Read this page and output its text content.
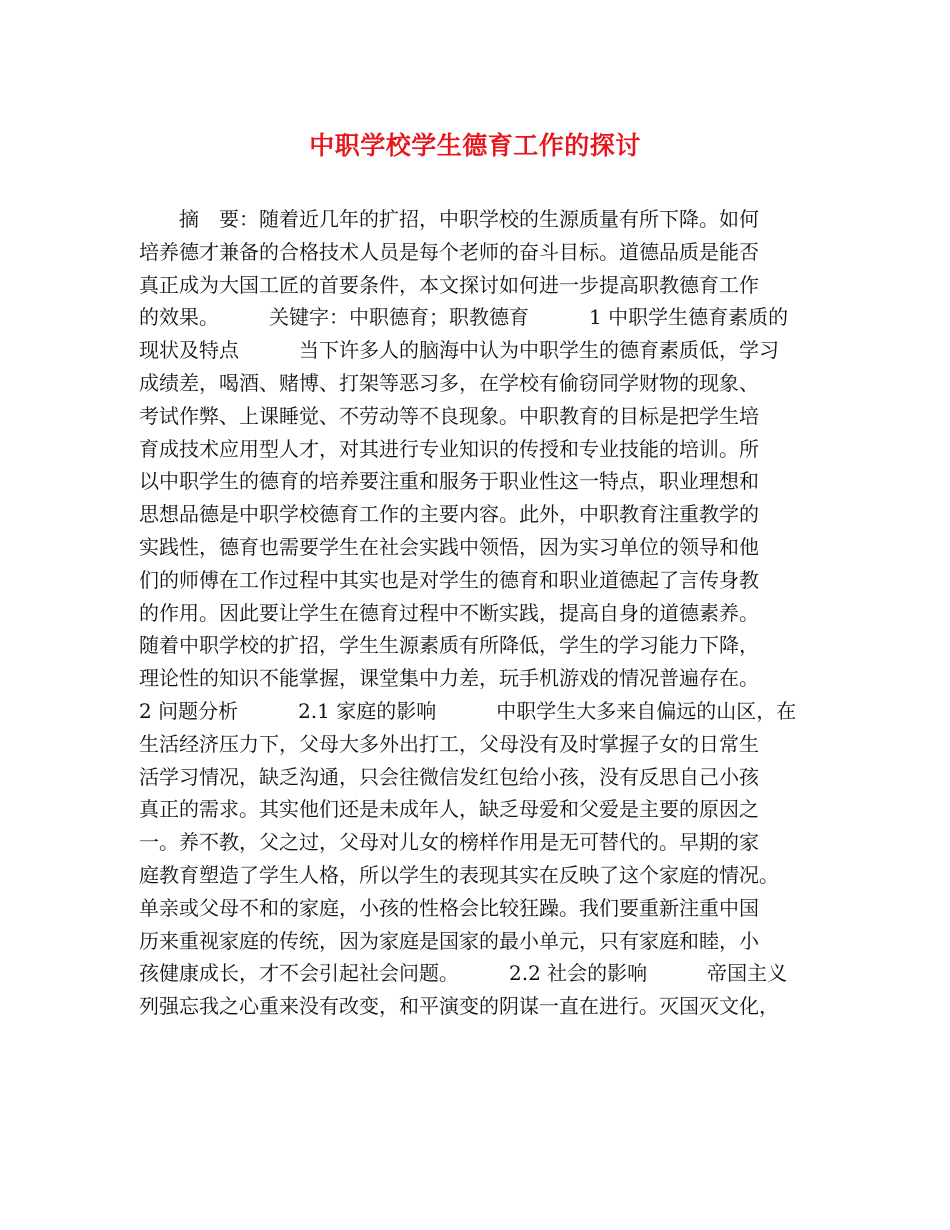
中职学校学生德育工作的探讨
　　摘　要：随着近几年的扩招，中职学校的生源质量有所下降。如何
培养德才兼备的合格技术人员是每个老师的奋斗目标。道德品质是能否
真正成为大国工匠的首要条件，本文探讨如何进一步提高职教德育工作
的效果。　　　关键字：中职德育；职教德育　　　1 中职学生德育素质的
现状及特点　　　当下许多人的脑海中认为中职学生的德育素质低，学习
成绩差，喝酒、赌博、打架等恶习多，在学校有偷窃同学财物的现象、
考试作弊、上课睡觉、不劳动等不良现象。中职教育的目标是把学生培
育成技术应用型人才，对其进行专业知识的传授和专业技能的培训。所
以中职学生的德育的培养要注重和服务于职业性这一特点，职业理想和
思想品德是中职学校德育工作的主要内容。此外，中职教育注重教学的
实践性，德育也需要学生在社会实践中领悟，因为实习单位的领导和他
们的师傅在工作过程中其实也是对学生的德育和职业道德起了言传身教
的作用。因此要让学生在德育过程中不断实践，提高自身的道德素养。
随着中职学校的扩招，学生生源素质有所降低，学生的学习能力下降，
理论性的知识不能掌握，课堂集中力差，玩手机游戏的情况普遍存在。
2 问题分析　　　2.1 家庭的影响　　　中职学生大多来自偏远的山区，在
生活经济压力下，父母大多外出打工，父母没有及时掌握子女的日常生
活学习情况，缺乏沟通，只会往微信发红包给小孩，没有反思自己小孩
真正的需求。其实他们还是未成年人，缺乏母爱和父爱是主要的原因之
一。养不教，父之过，父母对儿女的榜样作用是无可替代的。早期的家
庭教育塑造了学生人格，所以学生的表现其实在反映了这个家庭的情况。
单亲或父母不和的家庭，小孩的性格会比较狂躁。我们要重新注重中国
历来重视家庭的传统，因为家庭是国家的最小单元，只有家庭和睦，小
孩健康成长，才不会引起社会问题。　　　2.2 社会的影响　　　帝国主义
列强忘我之心重来没有改变，和平演变的阴谋一直在进行。灭国灭文化，
